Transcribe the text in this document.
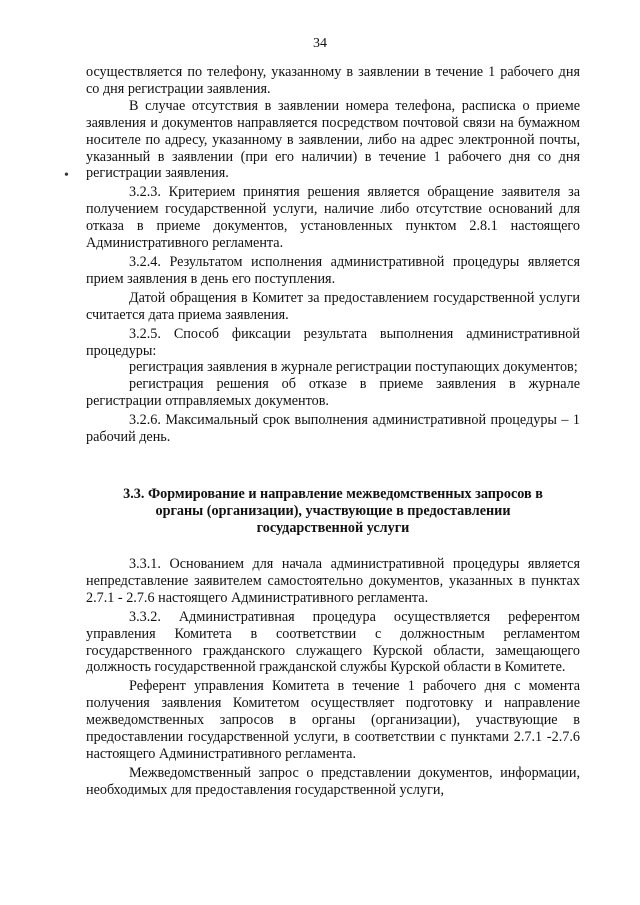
34
•

осуществляется по телефону, указанному в заявлении в течение 1 рабочего дня со дня регистрации заявления.

В случае отсутствия в заявлении номера телефона, расписка о приеме заявления и документов направляется посредством почтовой связи на бумажном носителе по адресу, указанному в заявлении, либо на адрес электронной почты, указанный в заявлении (при его наличии) в течение 1 рабочего дня со дня регистрации заявления.

3.2.3. Критерием принятия решения является обращение заявителя за получением государственной услуги, наличие либо отсутствие оснований для отказа в приеме документов, установленных пунктом 2.8.1 настоящего Административного регламента.

3.2.4. Результатом исполнения административной процедуры является прием заявления в день его поступления.

Датой обращения в Комитет за предоставлением государственной услуги считается дата приема заявления.

3.2.5. Способ фиксации результата выполнения административной процедуры:

регистрация заявления в журнале регистрации поступающих документов;

регистрация решения об отказе в приеме заявления в журнале регистрации отправляемых документов.

3.2.6. Максимальный срок выполнения административной процедуры – 1 рабочий день.

3.3. Формирование и направление межведомственных запросов в органы (организации), участвующие в предоставлении государственной услуги

3.3.1. Основанием для начала административной процедуры является непредставление заявителем самостоятельно документов, указанных в пунктах 2.7.1 - 2.7.6 настоящего Административного регламента.

3.3.2. Административная процедура осуществляется референтом управления Комитета в соответствии с должностным регламентом государственного гражданского служащего Курской области, замещающего должность государственной гражданской службы Курской области в Комитете.

Референт управления Комитета в течение 1 рабочего дня с момента получения заявления Комитетом осуществляет подготовку и направление межведомственных запросов в органы (организации), участвующие в предоставлении государственной услуги, в соответствии с пунктами 2.7.1 -2.7.6 настоящего Административного регламента.

Межведомственный запрос о представлении документов, информации, необходимых для предоставления государственной услуги,
